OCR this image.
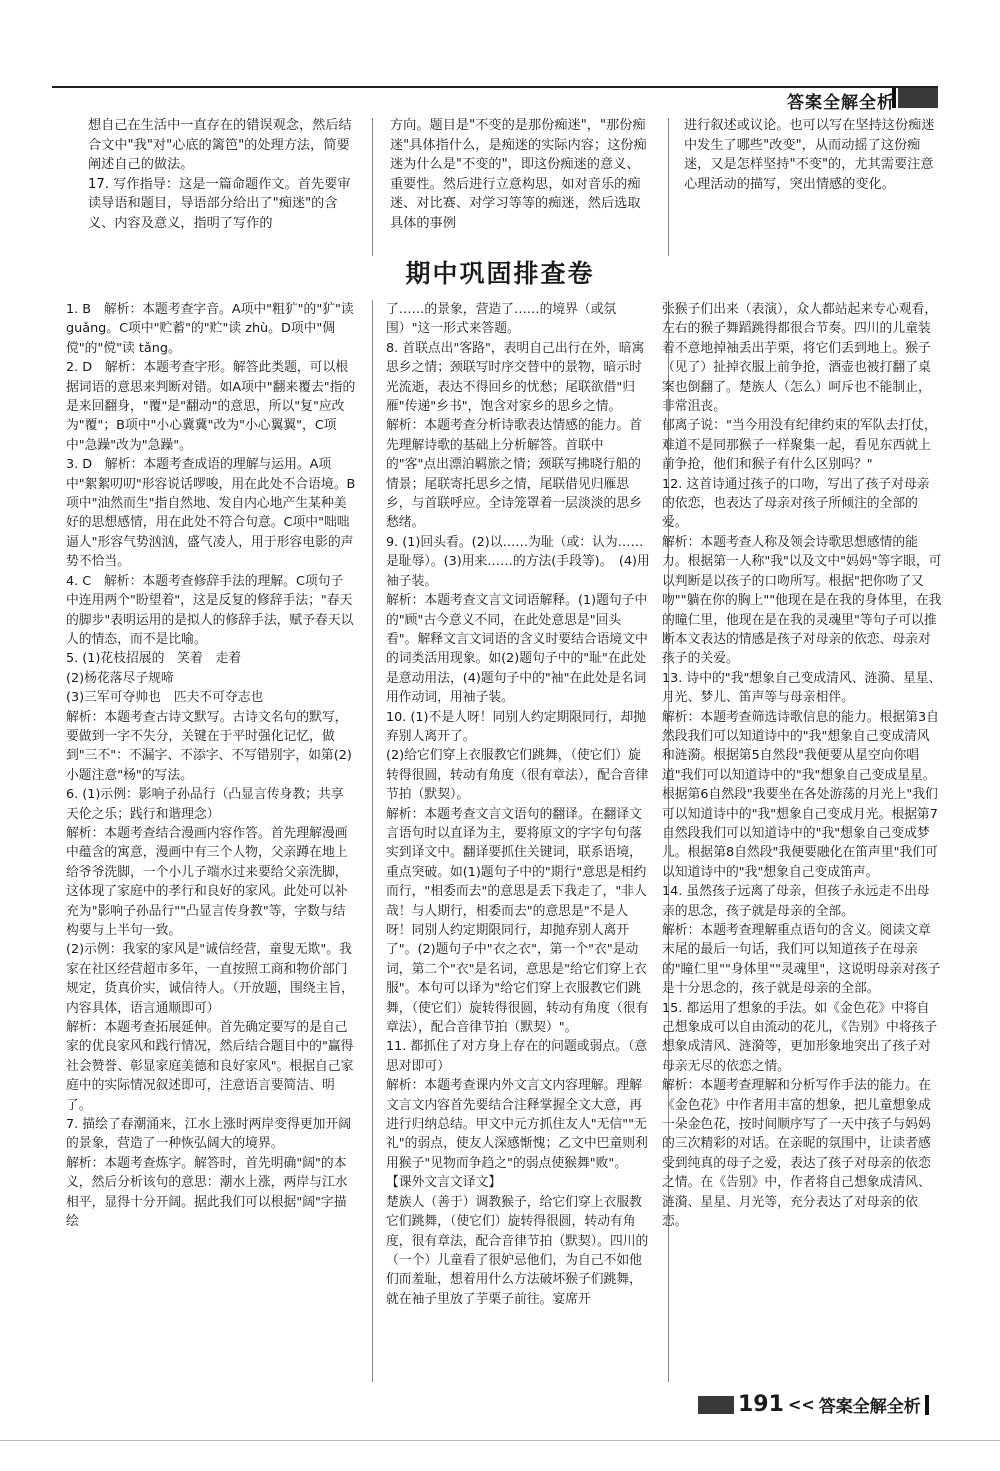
答案全解全析

想自己在生活中一直存在的错误观念，然后结合文中"我"对"心底的篱笆"的处理方法，简要阐述自己的做法。
17. 写作指导：这是一篇命题作文。首先要审读导语和题目，导语部分给出了"痴迷"的含义、内容及意义，指明了写作的

方向。题目是"不变的是那份痴迷"，"那份痴迷"具体指什么，是痴迷的实际内容；这份痴迷为什么是"不变的"，即这份痴迷的意义、重要性。然后进行立意构思，如对音乐的痴迷、对比赛、对学习等等的痴迷，然后选取具体的事例

进行叙述或议论。也可以写在坚持这份痴迷中发生了哪些"改变"，从而动摇了这份痴迷，又是怎样坚持"不变"的，尤其需要注意心理活动的描写，突出情感的变化。

期中巩固排查卷

1. B　解析：本题考查字音。A项中"粗犷"的"犷"读 guǎng。C项中"贮蓄"的"贮"读 zhù。D项中"倜傥"的"傥"读 tǎng。
2. D　解析：本题考查字形。解答此类题，可以根据词语的意思来判断对错。如A项中"翻来覆去"指的是来回翻身，"覆"是"翻动"的意思，所以"复"应改为"覆"；B项中"小心冀冀"改为"小心翼翼"，C项中"急躁"改为"急躁"。
3. D　解析：本题考查成语的理解与运用。A项中"絮絮叨叨"形容说话啰唆，用在此处不合语境。B项中"油然而生"指自然地、发自内心地产生某种美好的思想感情，用在此处不符合句意。C项中"咄咄逼人"形容气势汹汹，盛气凌人，用于形容电影的声势不恰当。
4. C　解析：本题考查修辞手法的理解。C项句子中连用两个"盼望着"，这是反复的修辞手法；"春天的脚步"表明运用的是拟人的修辞手法，赋予春天以人的情态，而不是比喻。
5. (1)花枝招展的　笑着　走着
(2)杨花落尽子规啼
(3)三军可夺帅也　匹夫不可夺志也
解析：本题考查古诗文默写。古诗文名句的默写，要做到一字不失分，关键在于平时强化记忆，做到"三不"：不漏字、不添字、不写错别字，如第(2)小题注意"杨"的写法。
6. (1)示例：影响子孙品行（凸显言传身教；共享天伦之乐；践行和谐理念）
解析：本题考查结合漫画内容作答。首先理解漫画中蕴含的寓意，漫画中有三个人物，父亲蹲在地上给爷爷洗脚，一个小儿子端水过来要给父亲洗脚，这体现了家庭中的孝行和良好的家风。此处可以补充为"影响子孙品行""凸显言传身教"等，字数与结构要与上半句一致。
(2)示例：我家的家风是"诚信经营，童叟无欺"。我家在社区经营超市多年，一直按照工商和物价部门规定，货真价实，诚信待人。（开放题，围绕主旨，内容具体，语言通顺即可）
解析：本题考查拓展延伸。首先确定要写的是自己家的优良家风和践行情况，然后结合题目中的"赢得社会赞誉、彰显家庭美德和良好家风"。根据自己家庭中的实际情况叙述即可，注意语言要简洁、明了。
7. 描绘了春潮涌来，江水上涨时两岸变得更加开阔的景象，营造了一种恢弘阔大的境界。
解析：本题考查炼字。解答时，首先明确"阔"的本义，然后分析该句的意思：潮水上涨，两岸与江水相平，显得十分开阔。据此我们可以根据"阔"字描绘

了……的景象，营造了……的境界（或氛围）"这一形式来答题。
8. 首联点出"客路"，表明自己出行在外，暗寓思乡之情；颈联写时序交替中的景物，暗示时光流逝，表达不得回乡的忧愁；尾联欲借"归雁"传递"乡书"，饱含对家乡的思乡之情。
解析：本题考查分析诗歌表达情感的能力。首先理解诗歌的基础上分析解答。首联中的"客"点出漂泊羁旅之情；颈联写拂晓行船的情景；尾联寄托思乡之情，尾联借见归雁思乡，与首联呼应。全诗笼罩着一层淡淡的思乡愁绪。
9. (1)回头看。(2)以……为耻（或：认为……是耻辱）。(3)用来……的方法(手段等)。　(4)用袖子装。
解析：本题考查文言文词语解释。(1)题句子中的"顾"古今意义不同，在此处意思是"回头看"。解释文言文词语的含义时要结合语境文中的词类活用现象。如(2)题句子中的"耻"在此处是意动用法，(4)题句子中的"袖"在此处是名词用作动词，用袖子装。
10. (1)不是人呀！同别人约定期限同行，却抛弃别人离开了。
(2)给它们穿上衣服教它们跳舞，（使它们）旋转得很圆，转动有角度（很有章法），配合音律节拍（默契）。
解析：本题考查文言文语句的翻译。在翻译文言语句时以直译为主，要将原文的字字句句落实到译文中。翻译要抓住关键词，联系语境，重点突破。如(1)题句子中的"期行"意思是相约而行，"相委而去"的意思是丢下我走了，"非人哉！与人期行，相委而去"的意思是"不是人呀！同别人约定期限同行，却抛弃别人离开了"。(2)题句子中"衣之衣"，第一个"衣"是动词，第二个"衣"是名词，意思是"给它们穿上衣服"。本句可以译为"给它们穿上衣服教它们跳舞，（使它们）旋转得很圆，转动有角度（很有章法），配合音律节拍（默契）"。
11. 都抓住了对方身上存在的问题或弱点。（意思对即可）
解析：本题考查课内外文言文内容理解。理解文言文内容首先要结合注释掌握全文大意，再进行归纳总结。甲文中元方抓住友人"无信""无礼"的弱点，使友人深感惭愧；乙文中巴童则利用猴子"见物而争趋之"的弱点使猴舞"败"。
【课外文言文译文】
楚族人（善于）调教猴子，给它们穿上衣服教它们跳舞，（使它们）旋转得很圆，转动有角度，很有章法，配合音律节拍（默契）。四川的（一个）儿童看了很妒忌他们，为自己不如他们而羞耻，想着用什么方法破坏猴子们跳舞，就在袖子里放了芋栗子前往。宴席开

张猴子们出来（表演），众人都站起来专心观看，左右的猴子舞蹈跳得都很合节奏。四川的儿童装着不意地掉袖丢出芋栗，将它们丢到地上。猴子（见了）扯掉衣服上前争抢，酒壶也被打翻了桌案也倒翻了。楚族人（怎么）呵斥也不能制止，非常沮丧。
郁离子说："当今用没有纪律约束的军队去打仗，难道不是同那猴子一样聚集一起，看见东西就上前争抢，他们和猴子有什么区别吗？"
12. 这首诗通过孩子的口吻，写出了孩子对母亲的依恋，也表达了母亲对孩子所倾注的全部的爱。
解析：本题考查人称及领会诗歌思想感情的能力。根据第一人称"我"以及文中"妈妈"等字眼，可以判断是以孩子的口吻所写。根据"把你吻了又吻""躺在你的胸上""他现在是在我的身体里，在我的瞳仁里，他现在是在我的灵魂里"等句子可以推断本文表达的情感是孩子对母亲的依恋、母亲对孩子的关爱。
13. 诗中的"我"想象自己变成清风、涟漪、星星、月光、梦儿、笛声等与母亲相伴。
解析：本题考查筛选诗歌信息的能力。根据第3自然段我们可以知道诗中的"我"想象自己变成清风和涟漪。根据第5自然段"我便要从星空向你唱道"我们可以知道诗中的"我"想象自己变成星星。根据第6自然段"我要坐在各处游荡的月光上"我们可以知道诗中的"我"想象自己变成月光。根据第7自然段我们可以知道诗中的"我"想象自己变成梦儿。根据第8自然段"我便要融化在笛声里"我们可以知道诗中的"我"想象自己变成笛声。
14. 虽然孩子远离了母亲，但孩子永远走不出母亲的思念，孩子就是母亲的全部。
解析：本题考查理解重点语句的含义。阅读文章末尾的最后一句话，我们可以知道孩子在母亲的"瞳仁里""身体里""灵魂里"，这说明母亲对孩子是十分思念的，孩子就是母亲的全部。
15. 都运用了想象的手法。如《金色花》中将自己想象成可以自由流动的花儿，《告别》中将孩子想象成清风、涟漪等，更加形象地突出了孩子对母亲无尽的依恋之情。
解析：本题考查理解和分析写作手法的能力。在《金色花》中作者用丰富的想象，把儿童想象成一朵金色花，按时间顺序写了一天中孩子与妈妈的三次精彩的对话。在亲昵的氛围中，让读者感受到纯真的母子之爱，表达了孩子对母亲的依恋之情。在《告别》中，作者将自己想象成清风、涟漪、星星、月光等，充分表达了对母亲的依恋。

191 << 答案全解全析
